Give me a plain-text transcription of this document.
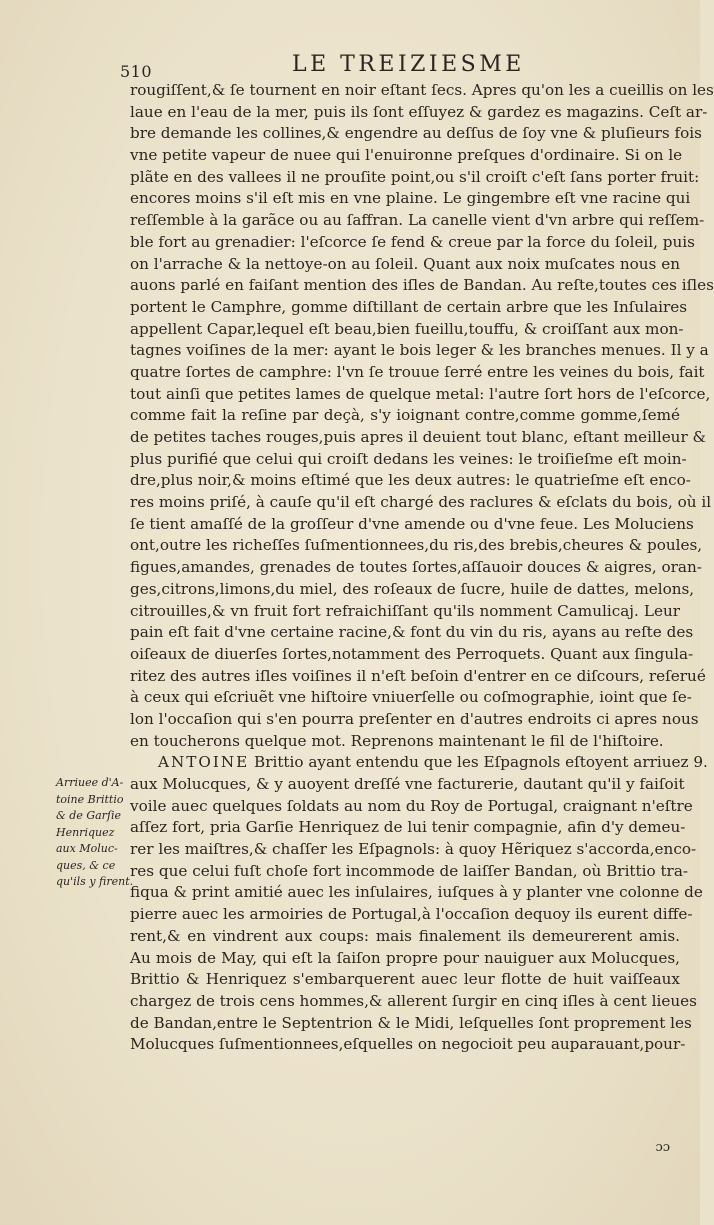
510	LE TREIZIESME
rougiſſent,& ſe tournent en noir eſtant ſecs. Apres qu'on les a cueillis on les
laue en l'eau de la mer, puis ils ſont eſſuyez & gardez es magazins. Ceſt ar-
bre demande les collines,& engendre au deſſus de ſoy vne & pluſieurs fois
vne petite vapeur de nuee qui l'enuironne preſques d'ordinaire. Si on le
plãte en des vallees il ne prouſite point,ou s'il croiſt c'eſt ſans porter fruit:
encores moins s'il eſt mis en vne plaine. Le gingembre eſt vne racine qui
reſſemble à la garãce ou au ſaffran. La canelle vient d'vn arbre qui reſſem-
ble fort au grenadier: l'eſcorce ſe fend & creue par la force du ſoleil, puis
on l'arrache & la nettoye-on au ſoleil. Quant aux noix muſcates nous en
auons parlé en faiſant mention des iſles de Bandan. Au reſte,toutes ces iſles
portent le Camphre, gomme diſtillant de certain arbre que les Inſulaires
appellent Capar,lequel eſt beau,bien fueillu,touffu, & croiſſant aux mon-
tagnes voiſines de la mer: ayant le bois leger & les branches menues. Il y a
quatre ſortes de camphre: l'vn ſe trouue ſerré entre les veines du bois, fait
tout ainſi que petites lames de quelque metal: l'autre ſort hors de l'eſcorce,
comme fait la reſine par deçà, s'y ioignant contre,comme gomme,ſemé
de petites taches rouges,puis apres il deuient tout blanc, eſtant meilleur &
plus purifié que celui qui croiſt dedans les veines: le troiſieſme eſt moin-
dre,plus noir,& moins eſtimé que les deux autres: le quatrieſme eſt enco-
res moins priſé, à cauſe qu'il eſt chargé des raclures & eſclats du bois, où il
ſe tient amaſſé de la groſſeur d'vne amende ou d'vne feue. Les Moluciens
ont,outre les richeſſes ſuſmentionnees,du ris,des brebis,cheures & poules,
figues,amandes, grenades de toutes ſortes,aſſauoir douces & aigres, oran-
ges,citrons,limons,du miel, des roſeaux de ſucre, huile de dattes, melons,
citrouilles,& vn fruit fort refraichiſſant qu'ils nomment Camulicaj. Leur
pain eſt fait d'vne certaine racine,& font du vin du ris, ayans au reſte des
oiſeaux de diuerſes ſortes,notamment des Perroquets. Quant aux ſingula-
ritez des autres iſles voiſines il n'eſt beſoin d'entrer en ce diſcours, reſerué
à ceux qui eſcriuẽt vne hiſtoire vniuerſelle ou coſmographie, ioint que ſe-
lon l'occaſion qui s'en pourra preſenter en d'autres endroits ci apres nous
en toucherons quelque mot. Reprenons maintenant le fil de l'hiſtoire.
ANTOINE Brittio ayant entendu que les Eſpagnols eſtoyent arriuez 9.
aux Molucques, & y auoyent dreſſé vne facturerie, dautant qu'il y faiſoit
voile auec quelques ſoldats au nom du Roy de Portugal, craignant n'eſtre
aſſez fort, pria Garſie Henriquez de lui tenir compagnie, afin d'y demeu-
rer les maiſtres,& chaſſer les Eſpagnols: à quoy Hẽriquez s'accorda,enco-
res que celui fuſt choſe fort incommode de laiſſer Bandan, où Brittio tra-
fiqua & print amitié auec les inſulaires, iuſques à y planter vne colonne de
pierre auec les armoiries de Portugal,à l'occaſion dequoy ils eurent diffe-
rent,& en vindrent aux coups: mais finalement ils demeurerent amis.
Au mois de May, qui eſt la ſaiſon propre pour nauiguer aux Molucques,
Brittio & Henriquez s'embarquerent auec leur flotte de huit vaiſſeaux
chargez de trois cens hommes,& allerent ſurgir en cinq iſles à cent lieues
de Bandan,entre le Septentrion & le Midi, leſquelles ſont proprement les
Molucques ſuſmentionnees,eſquelles on negocioit peu auparauant,pour-
Arriuee d'A-
toine Brittio
& de Garſie
Henriquez
aux Moluc-
ques, & ce
qu'ils y firent.
ɔɔ
